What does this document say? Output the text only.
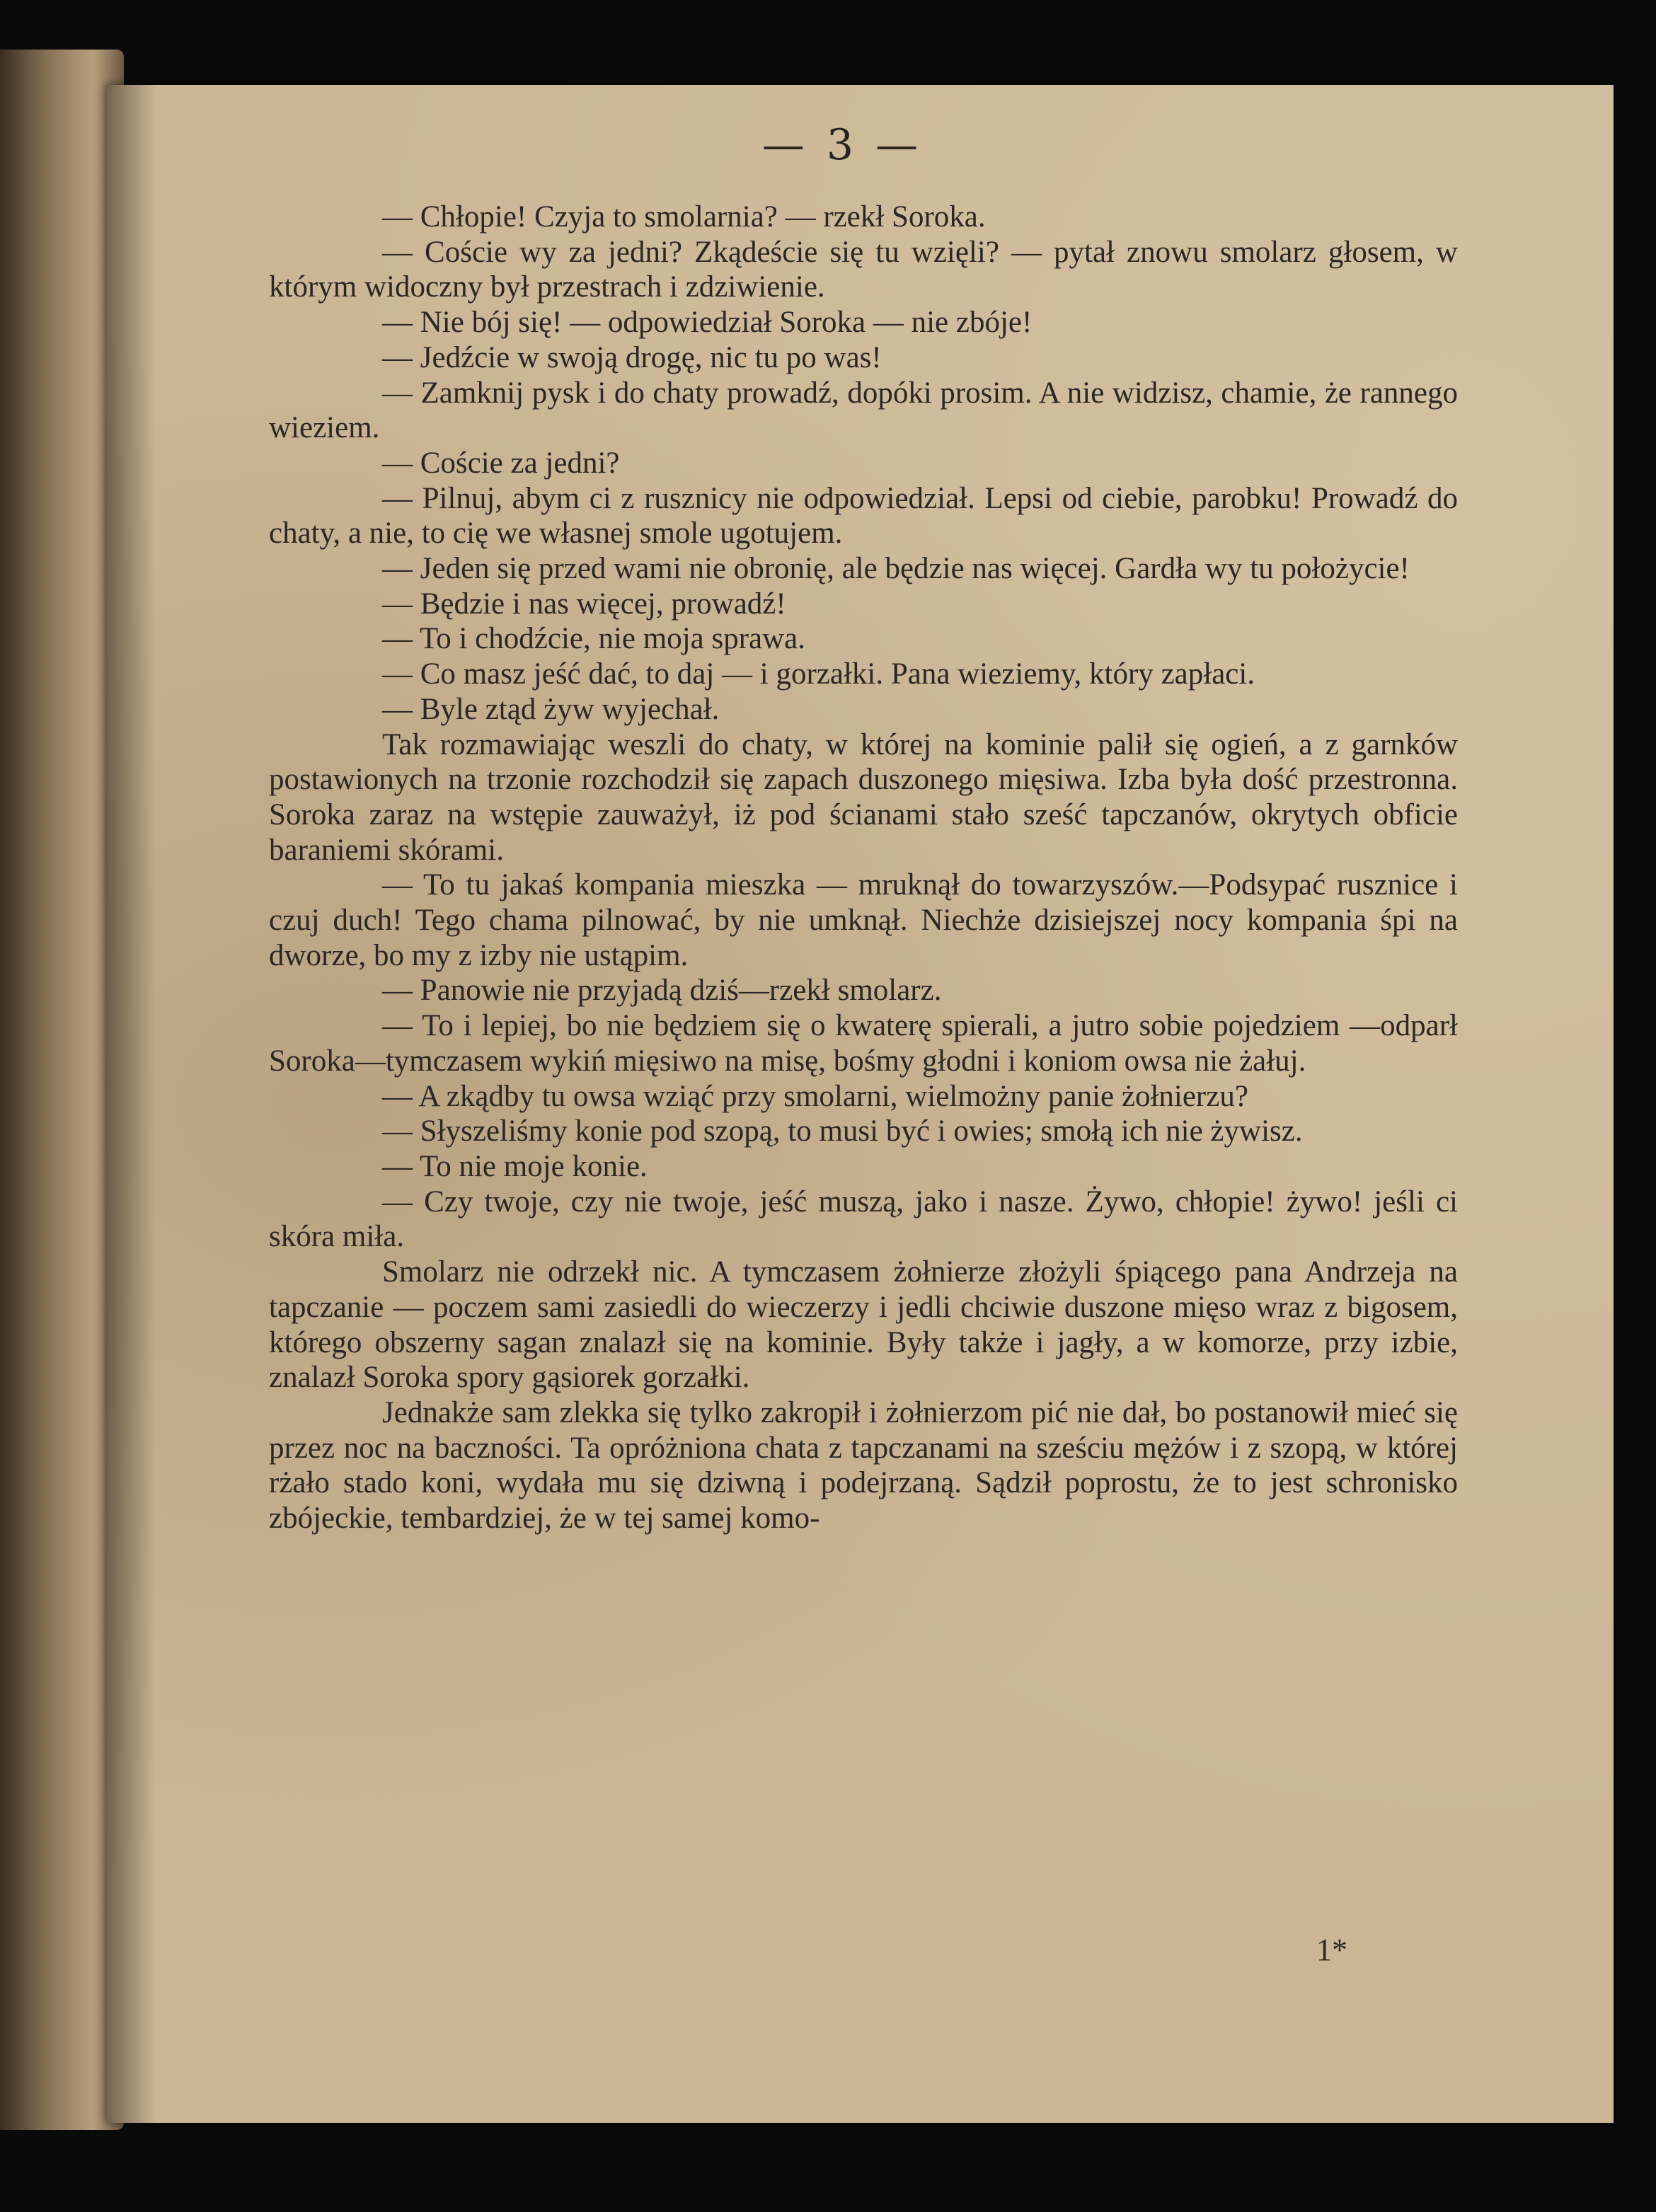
— 3 —

— Chłopie! Czyja to smolarnia? — rzekł Soroka.

— Coście wy za jedni? Zkądeście się tu wzięli? — pytał znowu smolarz głosem, w którym widoczny był przestrach i zdziwienie.

— Nie bój się! — odpowiedział Soroka — nie zbóje!

— Jedźcie w swoją drogę, nic tu po was!

— Zamknij pysk i do chaty prowadź, dopóki prosim. A nie widzisz, chamie, że rannego wieziem.

— Coście za jedni?

— Pilnuj, abym ci z rusznicy nie odpowiedział. Lepsi od ciebie, parobku! Prowadź do chaty, a nie, to cię we własnej smole ugotujem.

— Jeden się przed wami nie obronię, ale będzie nas więcej. Gardła wy tu położycie!

— Będzie i nas więcej, prowadź!

— To i chodźcie, nie moja sprawa.

— Co masz jeść dać, to daj — i gorzałki. Pana wieziemy, który zapłaci.

— Byle ztąd żyw wyjechał.

Tak rozmawiając weszli do chaty, w której na kominie palił się ogień, a z garnków postawionych na trzonie rozchodził się zapach duszonego mięsiwa. Izba była dość przestronna. Soroka zaraz na wstępie zauważył, iż pod ścianami stało sześć tapczanów, okrytych obficie baraniemi skórami.

— To tu jakaś kompania mieszka — mruknął do towarzyszów.—Podsypać rusznice i czuj duch! Tego chama pilnować, by nie umknął. Niechże dzisiejszej nocy kompania śpi na dworze, bo my z izby nie ustąpim.

— Panowie nie przyjadą dziś—rzekł smolarz.

— To i lepiej, bo nie będziem się o kwaterę spierali, a jutro sobie pojedziem —odparł Soroka—tymczasem wykiń mięsiwo na misę, bośmy głodni i koniom owsa nie żałuj.

— A zkądby tu owsa wziąć przy smolarni, wielmożny panie żołnierzu?

— Słyszeliśmy konie pod szopą, to musi być i owies; smołą ich nie żywisz.

— To nie moje konie.

— Czy twoje, czy nie twoje, jeść muszą, jako i nasze. Żywo, chłopie! żywo! jeśli ci skóra miła.

Smolarz nie odrzekł nic. A tymczasem żołnierze złożyli śpiącego pana Andrzeja na tapczanie — poczem sami zasiedli do wieczerzy i jedli chciwie duszone mięso wraz z bigosem, którego obszerny sagan znalazł się na kominie. Były także i jagły, a w komorze, przy izbie, znalazł Soroka spory gąsiorek gorzałki.

Jednakże sam zlekka się tylko zakropił i żołnierzom pić nie dał, bo postanowił mieć się przez noc na baczności. Ta opróżniona chata z tapczanami na sześciu mężów i z szopą, w której rżało stado koni, wydała mu się dziwną i podejrzaną. Sądził poprostu, że to jest schronisko zbójeckie, tembardziej, że w tej samej komo-

1*
